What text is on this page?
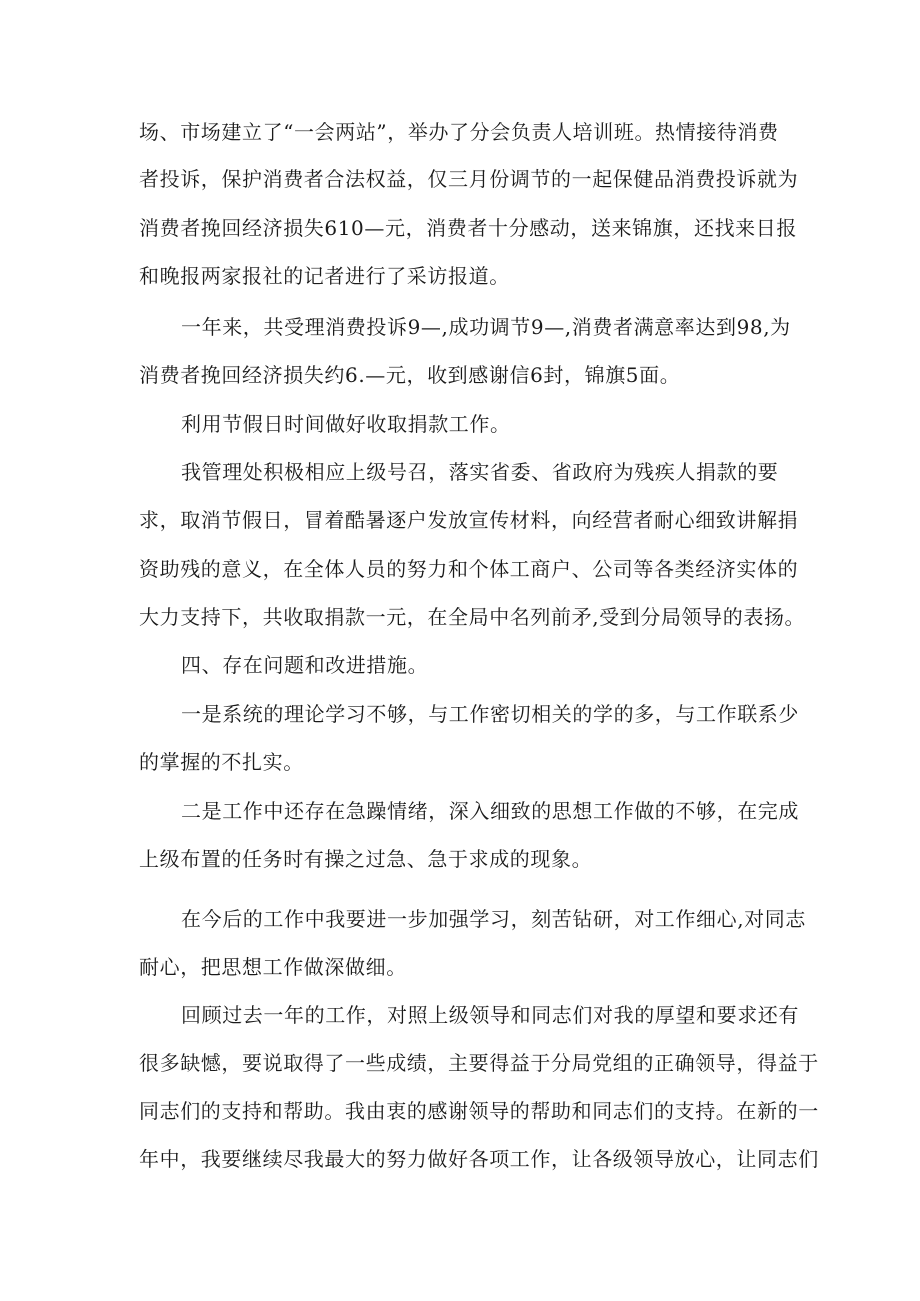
场、市场建立了“一会两站”，举办了分会负责人培训班。热情接待消费
者投诉，保护消费者合法权益，仅三月份调节的一起保健品消费投诉就为
消费者挽回经济损失610—元，消费者十分感动，送来锦旗，还找来日报
和晚报两家报社的记者进行了采访报道。
一年来，共受理消费投诉9—,成功调节9—,消费者满意率达到98,为
消费者挽回经济损失约6.—元，收到感谢信6封，锦旗5面。
利用节假日时间做好收取捐款工作。
我管理处积极相应上级号召，落实省委、省政府为残疾人捐款的要
求，取消节假日，冒着酷暑逐户发放宣传材料，向经营者耐心细致讲解捐
资助残的意义，在全体人员的努力和个体工商户、公司等各类经济实体的
大力支持下，共收取捐款一元，在全局中名列前矛,受到分局领导的表扬。
四、存在问题和改进措施。
一是系统的理论学习不够，与工作密切相关的学的多，与工作联系少
的掌握的不扎实。
二是工作中还存在急躁情绪，深入细致的思想工作做的不够，在完成
上级布置的任务时有操之过急、急于求成的现象。
在今后的工作中我要进一步加强学习，刻苦钻研，对工作细心,对同志
耐心，把思想工作做深做细。
回顾过去一年的工作，对照上级领导和同志们对我的厚望和要求还有
很多缺憾，要说取得了一些成绩，主要得益于分局党组的正确领导，得益于
同志们的支持和帮助。我由衷的感谢领导的帮助和同志们的支持。在新的一
年中，我要继续尽我最大的努力做好各项工作，让各级领导放心，让同志们
